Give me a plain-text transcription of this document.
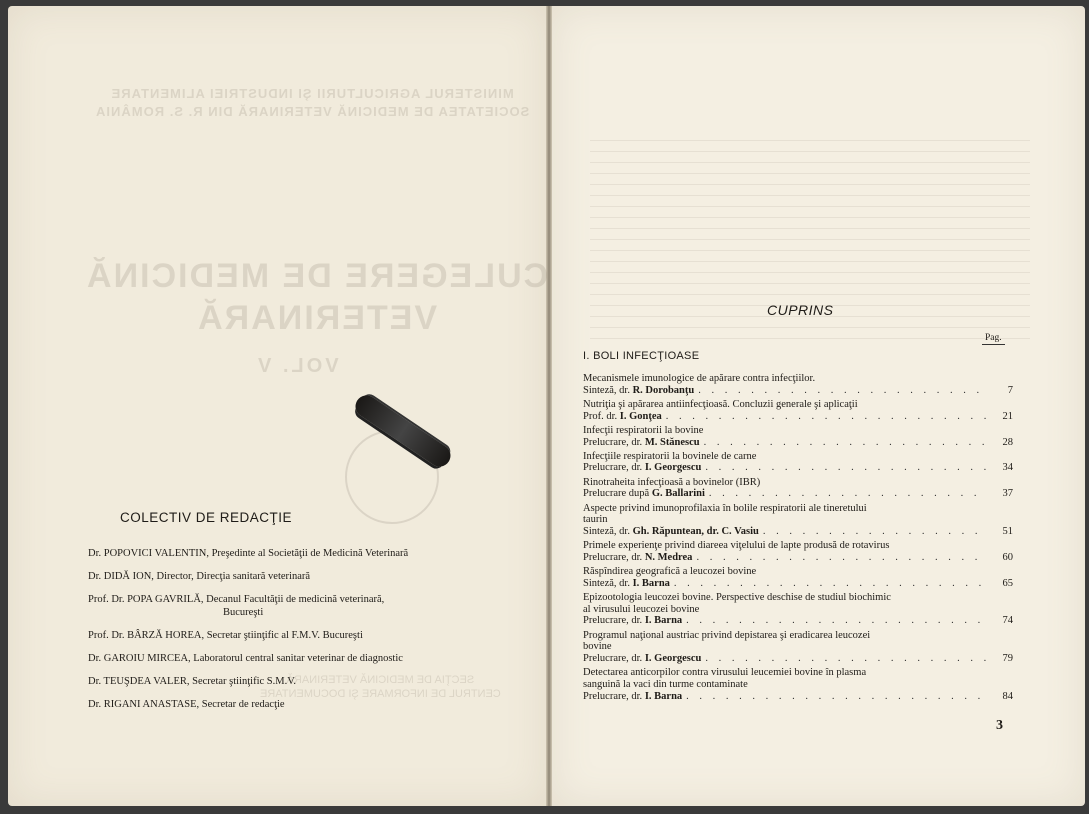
MINISTERUL AGRICULTURII ŞI INDUSTRIEI ALIMENTARE
SOCIETATEA DE MEDICINĂ VETERINARĂ DIN R. S. ROMÂNIA
CULEGERE DE MEDICINĂ
VETERINARĂ
VOL. V
SECŢIA DE MEDICINĂ VETERINARĂ
CENTRUL DE INFORMARE ŞI DOCUMENTARE
COLECTIV DE REDACŢIE
Dr. POPOVICI VALENTIN, Preşedinte al Societăţii de Medicină Veterinară
Dr. DIDĂ ION, Director, Direcţia sanitară veterinară
Prof. Dr. POPA GAVRILĂ, Decanul Facultăţii de medicină veterinară,
Bucureşti
Prof. Dr. BÂRZĂ HOREA, Secretar ştiinţific al F.M.V. Bucureşti
Dr. GAROIU MIRCEA, Laboratorul central sanitar veterinar de diagnostic
Dr. TEUŞDEA VALER, Secretar ştiinţific S.M.V.
Dr. RIGANI ANASTASE, Secretar de redacţie
CUPRINS
Pag.
I. BOLI INFECŢIOASE
Mecanismele imunologice de apărare contra infecţiilor.
Sinteză, dr. R. Dorobanţu . . .	7
Nutriţia şi apărarea antiinfecţioasă. Concluzii generale şi aplicaţii
Prof. dr. I. Gonţea . . .	21
Infecţii respiratorii la bovine
Prelucrare, dr. M. Stănescu . . .	28
Infecţiile respiratorii la bovinele de carne
Prelucrare, dr. I. Georgescu . . .	34
Rinotraheita infecţioasă a bovinelor (IBR)
Prelucrare după G. Ballarini . . .	37
Aspecte privind imunoprofilaxia în bolile respiratorii ale tineretului
taurin
Sinteză, dr. Gh. Răpuntean, dr. C. Vasiu . . .	51
Primele experienţe privind diareea viţelului de lapte produsă de rotavirus
Prelucrare, dr. N. Medrea . . .	60
Răspîndirea geografică a leucozei bovine
Sinteză, dr. I. Barna . . .	65
Epizootologia leucozei bovine. Perspective deschise de studiul biochimic
al virusului leucozei bovine
Prelucrare, dr. I. Barna . . .	74
Programul naţional austriac privind depistarea şi eradicarea leucozei
bovine
Prelucrare, dr. I. Georgescu . . .	79
Detectarea anticorpilor contra virusului leucemiei bovine în plasma
sanguină la vaci din turme contaminate
Prelucrare, dr. I. Barna . . .	84
3
